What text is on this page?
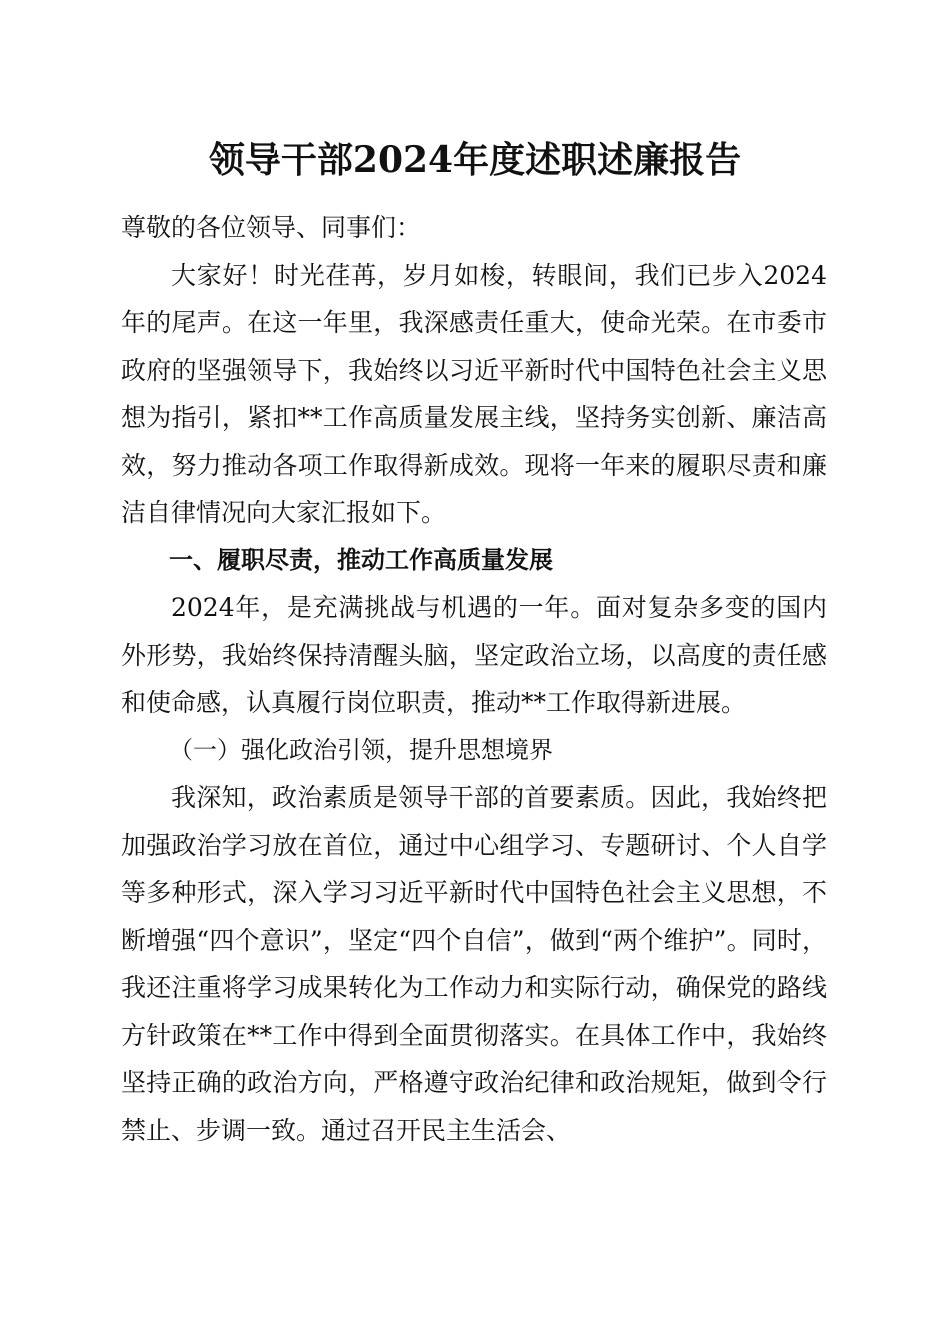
领导干部2024年度述职述廉报告

尊敬的各位领导、同事们：

大家好！时光荏苒，岁月如梭，转眼间，我们已步入2024年的尾声。在这一年里，我深感责任重大，使命光荣。在市委市政府的坚强领导下，我始终以习近平新时代中国特色社会主义思想为指引，紧扣**工作高质量发展主线，坚持务实创新、廉洁高效，努力推动各项工作取得新成效。现将一年来的履职尽责和廉洁自律情况向大家汇报如下。

一、履职尽责，推动工作高质量发展

2024年，是充满挑战与机遇的一年。面对复杂多变的国内外形势，我始终保持清醒头脑，坚定政治立场，以高度的责任感和使命感，认真履行岗位职责，推动**工作取得新进展。

（一）强化政治引领，提升思想境界

我深知，政治素质是领导干部的首要素质。因此，我始终把加强政治学习放在首位，通过中心组学习、专题研讨、个人自学等多种形式，深入学习习近平新时代中国特色社会主义思想，不断增强“四个意识”，坚定“四个自信”，做到“两个维护”。同时，我还注重将学习成果转化为工作动力和实际行动，确保党的路线方针政策在**工作中得到全面贯彻落实。在具体工作中，我始终坚持正确的政治方向，严格遵守政治纪律和政治规矩，做到令行禁止、步调一致。通过召开民主生活会、
